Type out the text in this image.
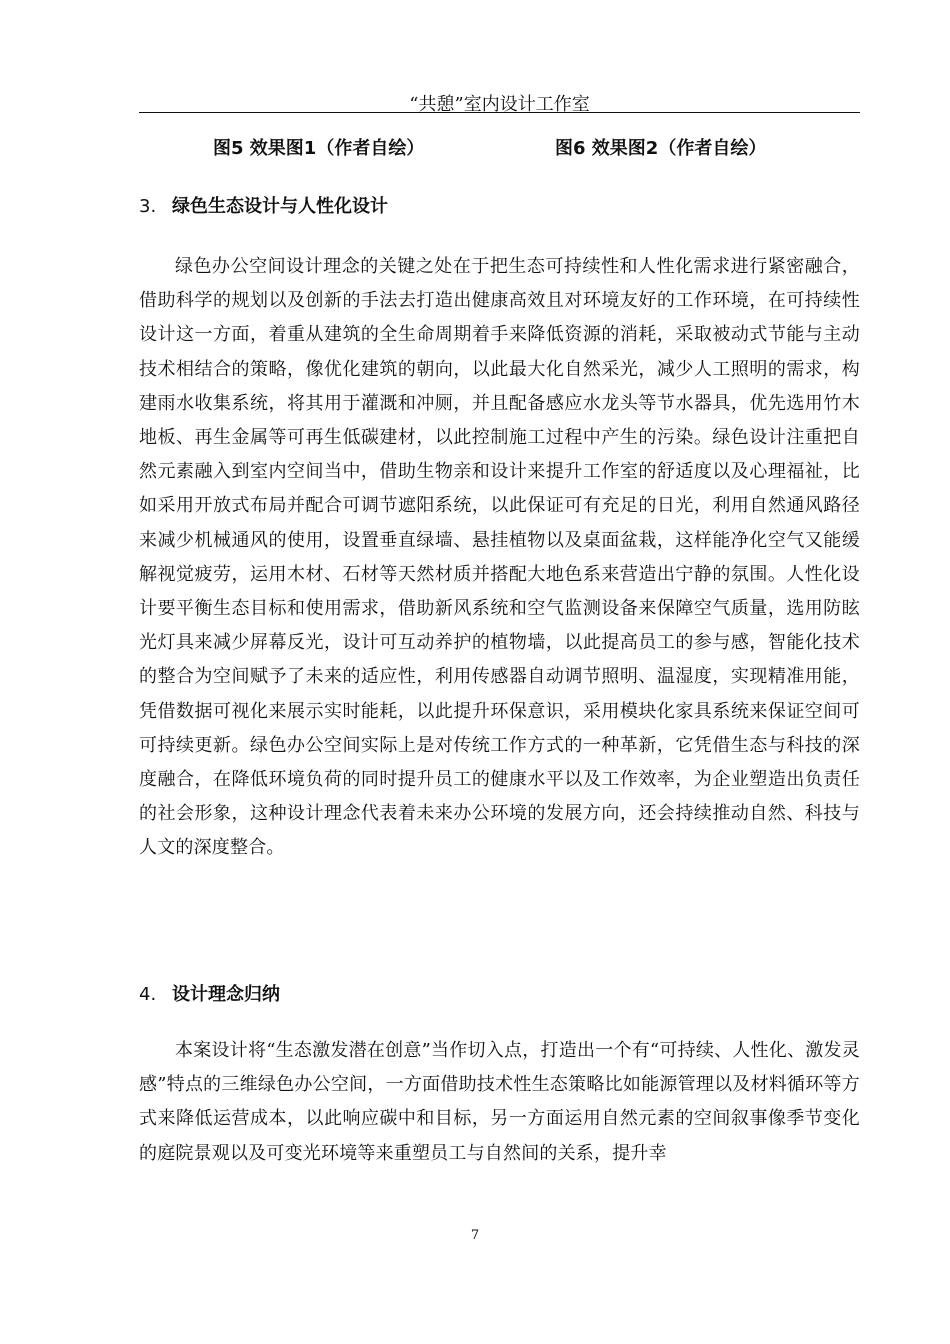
“共憩”室内设计工作室
图5 效果图1（作者自绘）	图6 效果图2（作者自绘）
3. 绿色生态设计与人性化设计

绿色办公空间设计理念的关键之处在于把生态可持续性和人性化需求进行紧密融合，借助科学的规划以及创新的手法去打造出健康高效且对环境友好的工作环境，在可持续性设计这一方面，着重从建筑的全生命周期着手来降低资源的消耗，采取被动式节能与主动技术相结合的策略，像优化建筑的朝向，以此最大化自然采光，减少人工照明的需求，构建雨水收集系统，将其用于灌溉和冲厕，并且配备感应水龙头等节水器具，优先选用竹木地板、再生金属等可再生低碳建材，以此控制施工过程中产生的污染。绿色设计注重把自然元素融入到室内空间当中，借助生物亲和设计来提升工作室的舒适度以及心理福祉，比如采用开放式布局并配合可调节遮阳系统，以此保证可有充足的日光，利用自然通风路径来减少机械通风的使用，设置垂直绿墙、悬挂植物以及桌面盆栽，这样能净化空气又能缓解视觉疲劳，运用木材、石材等天然材质并搭配大地色系来营造出宁静的氛围。人性化设计要平衡生态目标和使用需求，借助新风系统和空气监测设备来保障空气质量，选用防眩光灯具来减少屏幕反光，设计可互动养护的植物墙，以此提高员工的参与感，智能化技术的整合为空间赋予了未来的适应性，利用传感器自动调节照明、温湿度，实现精准用能，凭借数据可视化来展示实时能耗，以此提升环保意识，采用模块化家具系统来保证空间可可持续更新。绿色办公空间实际上是对传统工作方式的一种革新，它凭借生态与科技的深度融合，在降低环境负荷的同时提升员工的健康水平以及工作效率，为企业塑造出负责任的社会形象，这种设计理念代表着未来办公环境的发展方向，还会持续推动自然、科技与人文的深度整合。

4. 设计理念归纳

本案设计将“生态激发潜在创意”当作切入点，打造出一个有“可持续、人性化、激发灵感”特点的三维绿色办公空间，一方面借助技术性生态策略比如能源管理以及材料循环等方式来降低运营成本，以此响应碳中和目标，另一方面运用自然元素的空间叙事像季节变化的庭院景观以及可变光环境等来重塑员工与自然间的关系，提升幸

7
